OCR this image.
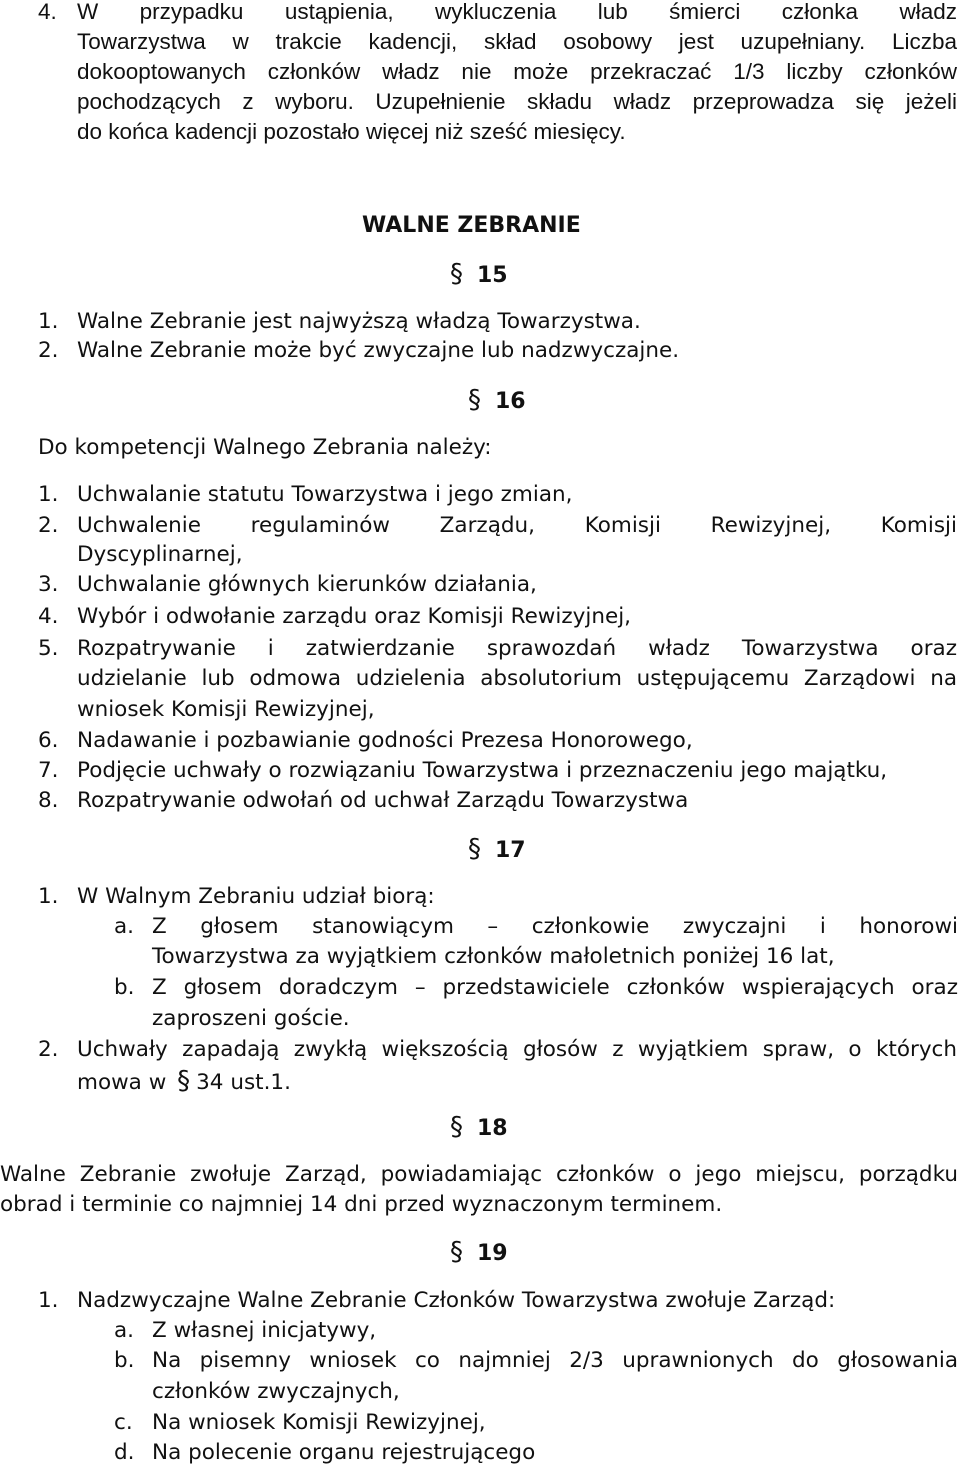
4. W przypadku ustąpienia, wykluczenia lub śmierci członka władz
Towarzystwa w trakcie kadencji, skład osobowy jest uzupełniany. Liczba
dokooptowanych członków władz nie może przekraczać 1/3 liczby członków
pochodzących z wyboru. Uzupełnienie składu władz przeprowadza się jeżeli
do końca kadencji pozostało więcej niż sześć miesięcy.
WALNE ZEBRANIE
§ 15
1. Walne Zebranie jest najwyższą władzą Towarzystwa.
2. Walne Zebranie może być zwyczajne lub nadzwyczajne.
§ 16
Do kompetencji Walnego Zebrania należy:
1. Uchwalanie statutu Towarzystwa i jego zmian,
2. Uchwalenie regulaminów Zarządu, Komisji Rewizyjnej, Komisji
Dyscyplinarnej,
3. Uchwalanie głównych kierunków działania,
4. Wybór i odwołanie zarządu oraz Komisji Rewizyjnej,
5. Rozpatrywanie i zatwierdzanie sprawozdań władz Towarzystwa oraz
udzielanie lub odmowa udzielenia absolutorium ustępującemu Zarządowi na
wniosek Komisji Rewizyjnej,
6. Nadawanie i pozbawianie godności Prezesa Honorowego,
7. Podjęcie uchwały o rozwiązaniu Towarzystwa i przeznaczeniu jego majątku,
8. Rozpatrywanie odwołań od uchwał Zarządu Towarzystwa
§ 17
1. W Walnym Zebraniu udział biorą:
a. Z głosem stanowiącym – członkowie zwyczajni i honorowi
Towarzystwa za wyjątkiem członków małoletnich poniżej 16 lat,
b. Z głosem doradczym – przedstawiciele członków wspierających oraz
zaproszeni goście.
2. Uchwały zapadają zwykłą większością głosów z wyjątkiem spraw, o których
mowa w § 34 ust.1.
§ 18
Walne Zebranie zwołuje Zarząd, powiadamiając członków o jego miejscu, porządku
obrad i terminie co najmniej 14 dni przed wyznaczonym terminem.
§ 19
1. Nadzwyczajne Walne Zebranie Członków Towarzystwa zwołuje Zarząd:
a. Z własnej inicjatywy,
b. Na pisemny wniosek co najmniej 2/3 uprawnionych do głosowania
członków zwyczajnych,
c. Na wniosek Komisji Rewizyjnej,
d. Na polecenie organu rejestrującego
